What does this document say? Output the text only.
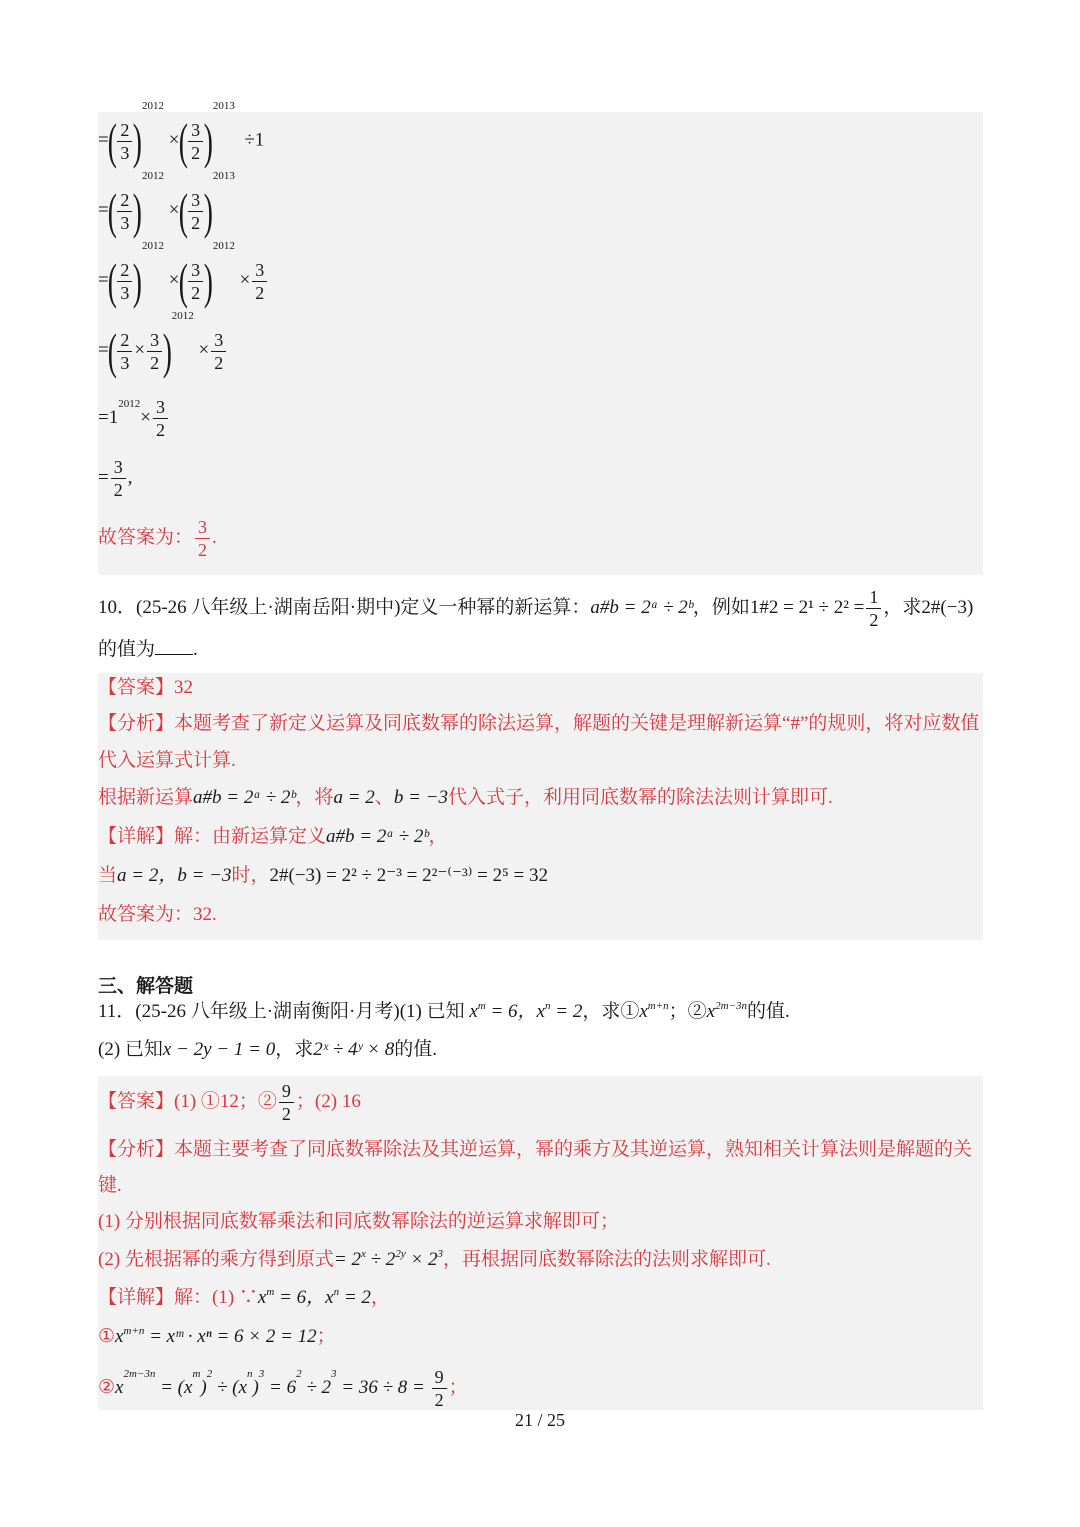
=( $\frac{2}{3} )2012$ ×( $\frac{3}{2} )2013 \div 1$
=( $\frac{2}{3} )2012$ ×( $\frac{3}{2} )2013$
=( $\frac{2}{3} )2012$ ×( $\frac{3}{2} )2012 \times \frac{3}{2}$
=( $\frac{2}{3} \times \frac{3}{2} )2012 \times \frac{3}{2}$
$=1^{2012}\times \frac{3}{2}$
= $\frac{3}{2}$ ,
故答案为： $\frac{3}{2}$ .
10．(25-26 八年级上·湖南岳阳·期中)定义一种幂的新运算：a#b = 2ᵃ ÷ 2ᵇ，例如1#2 = $2^1 \div 2^2 = \frac{1}{2}$ ，求2#(−3)
的值为 .
【答案】32
【分析】本题考查了新定义运算及同底数幂的除法运算，解题的关键是理解新运算“#”的规则，将对应数值
代入运算式计算.
根据新运算a#b = 2ᵃ ÷ 2ᵇ，将a = 2、b = −3代入式子，利用同底数幂的除法法则计算即可.
【详解】解：由新运算定义a#b = 2ᵃ ÷ 2ᵇ，
当a = 2，b = −3时，2#(−3) = 2² ÷ 2⁻³ = 2²⁻⁽⁻³⁾ = 2⁵ = 32
故答案为：32.
三、解答题
11．(25-26 八年级上·湖南衡阳·月考)(1) 已知 $x^m = 6$，$x^n = 2$，求$①x^{m+n}$；$②x^{2m-3n}$的值.
(2) 已知x − 2y − 1 = 0，求2ˣ ÷ 4ʸ × 8的值.
【答案】(1) ①12；② $\frac{9}{2}$ ；(2) 16
【分析】本题主要考查了同底数幂除法及其逆运算，幂的乘方及其逆运算，熟知相关计算法则是解题的关
键.
(1) 分别根据同底数幂乘法和同底数幂除法的逆运算求解即可；
(2) 先根据幂的乘方得到原式= $2^x \div 2^{2y} \times 2^3$，再根据同底数幂除法的法则求解即可.
【详解】解：(1) $\because x^m = 6$，$x^n = 2$，
$①x^{m+n}$ = xᵐ · xⁿ = 6 × 2 = 12；
$②x^{2m-3n} = (x^m)^2 \div (x^n)^3 = 6^2 \div 2^3 = 36 \div 8 = \frac{9}{2}$ ；
21 / 25
